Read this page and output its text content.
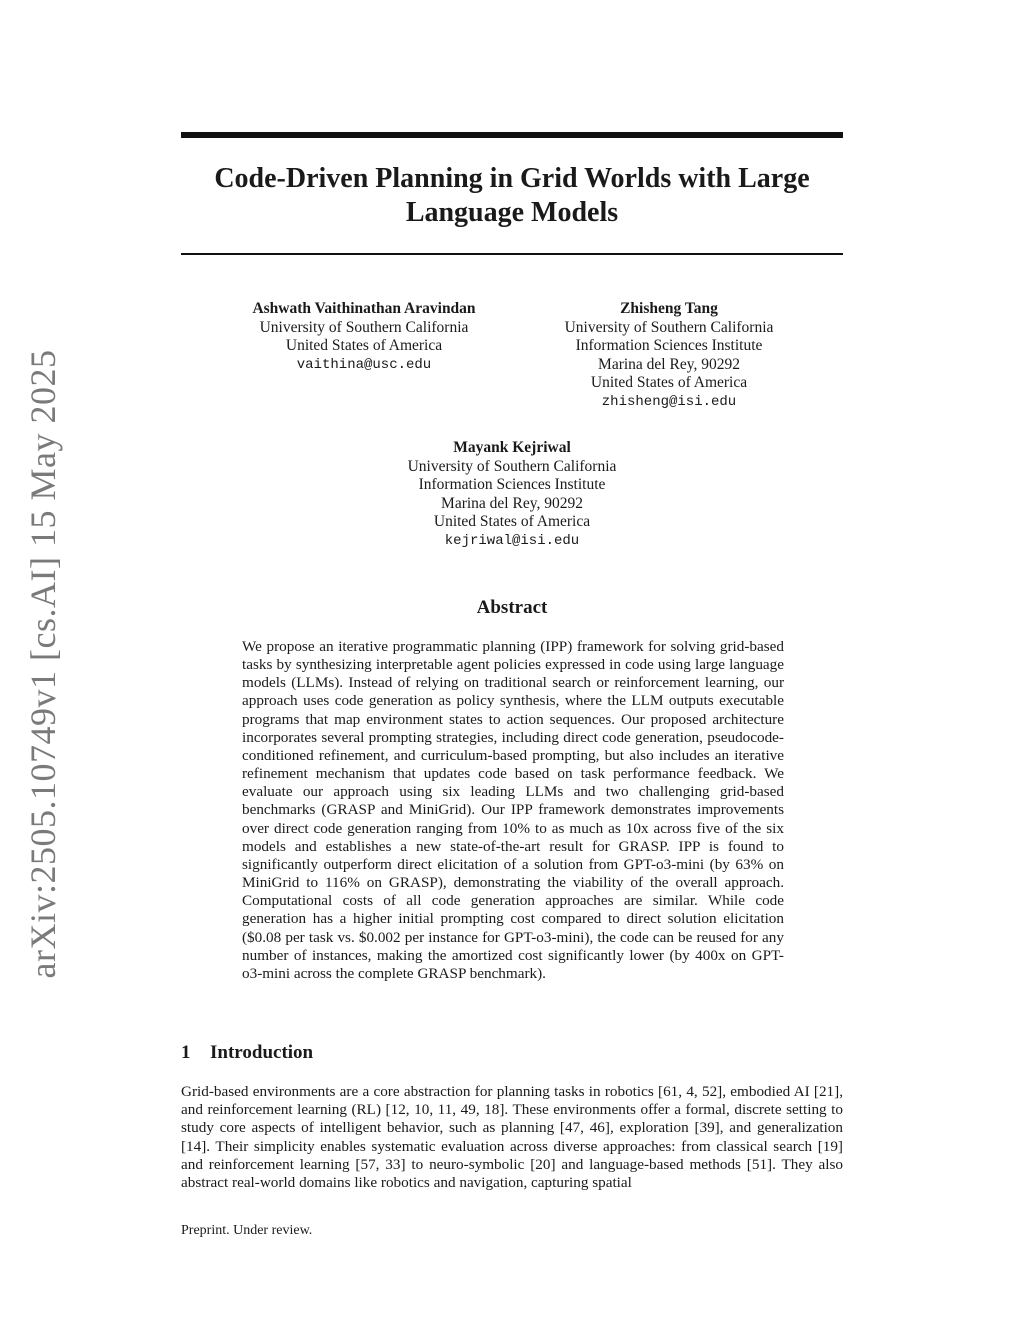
arXiv:2505.10749v1 [cs.AI] 15 May 2025
Code-Driven Planning in Grid Worlds with Large Language Models
Ashwath Vaithinathan Aravindan
University of Southern California
United States of America
vaithina@usc.edu
Zhisheng Tang
University of Southern California
Information Sciences Institute
Marina del Rey, 90292
United States of America
zhisheng@isi.edu
Mayank Kejriwal
University of Southern California
Information Sciences Institute
Marina del Rey, 90292
United States of America
kejriwal@isi.edu
Abstract

We propose an iterative programmatic planning (IPP) framework for solving grid-based tasks by synthesizing interpretable agent policies expressed in code using large language models (LLMs). Instead of relying on traditional search or reinforcement learning, our approach uses code generation as policy synthesis, where the LLM outputs executable programs that map environment states to action sequences. Our proposed architecture incorporates several prompting strategies, including direct code generation, pseudocode-conditioned refinement, and curriculum-based prompting, but also includes an iterative refinement mechanism that updates code based on task performance feedback. We evaluate our approach using six leading LLMs and two challenging grid-based benchmarks (GRASP and MiniGrid). Our IPP framework demonstrates improvements over direct code generation ranging from 10% to as much as 10x across five of the six models and establishes a new state-of-the-art result for GRASP. IPP is found to significantly outperform direct elicitation of a solution from GPT-o3-mini (by 63% on MiniGrid to 116% on GRASP), demonstrating the viability of the overall approach. Computational costs of all code generation approaches are similar. While code generation has a higher initial prompting cost compared to direct solution elicitation ($0.08 per task vs. $0.002 per instance for GPT-o3-mini), the code can be reused for any number of instances, making the amortized cost significantly lower (by 400x on GPT-o3-mini across the complete GRASP benchmark).

1 Introduction

Grid-based environments are a core abstraction for planning tasks in robotics [61, 4, 52], embodied AI [21], and reinforcement learning (RL) [12, 10, 11, 49, 18]. These environments offer a formal, discrete setting to study core aspects of intelligent behavior, such as planning [47, 46], exploration [39], and generalization [14]. Their simplicity enables systematic evaluation across diverse approaches: from classical search [19] and reinforcement learning [57, 33] to neuro-symbolic [20] and language-based methods [51]. They also abstract real-world domains like robotics and navigation, capturing spatial

Preprint. Under review.
